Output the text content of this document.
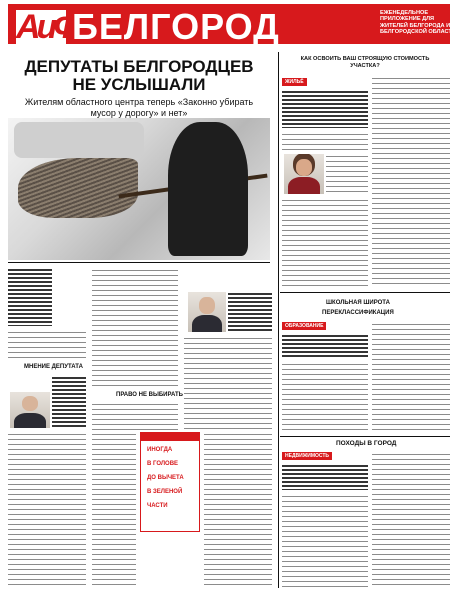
АиФ
БЕЛГОРОД	ЕЖЕНЕДЕЛЬНОЕ ПРИЛОЖЕНИЕ ДЛЯ ЖИТЕЛЕЙ БЕЛГОРОДА И БЕЛГОРОДСКОЙ ОБЛАСТИ
ДЕПУТАТЫ БЕЛГОРОДЦЕВ
НЕ УСЛЫШАЛИ
Жителям областного центра теперь «Законно убирать мусор у дорогу» и нет»
МНЕНИЕ ДЕПУТАТА
ПРАВО НЕ ВЫБИРАТЬ
ИНОГДА
В ГОЛОВЕ
ДО ВЫЧЕТА
В ЗЕЛЕНОЙ
ЧАСТИ
КАК ОСВОИТЬ ВАШ СТРОЯЩУЮ СТОИМОСТЬ УЧАСТКА?
ЖИЛЬЁ
ШКОЛЬНАЯ ШИРОТА
ПЕРЕКЛАССИФИКАЦИЯ
ОБРАЗОВАНИЕ
ПОХОДЫ В ГОРОД
НЕДВИЖИМОСТЬ
